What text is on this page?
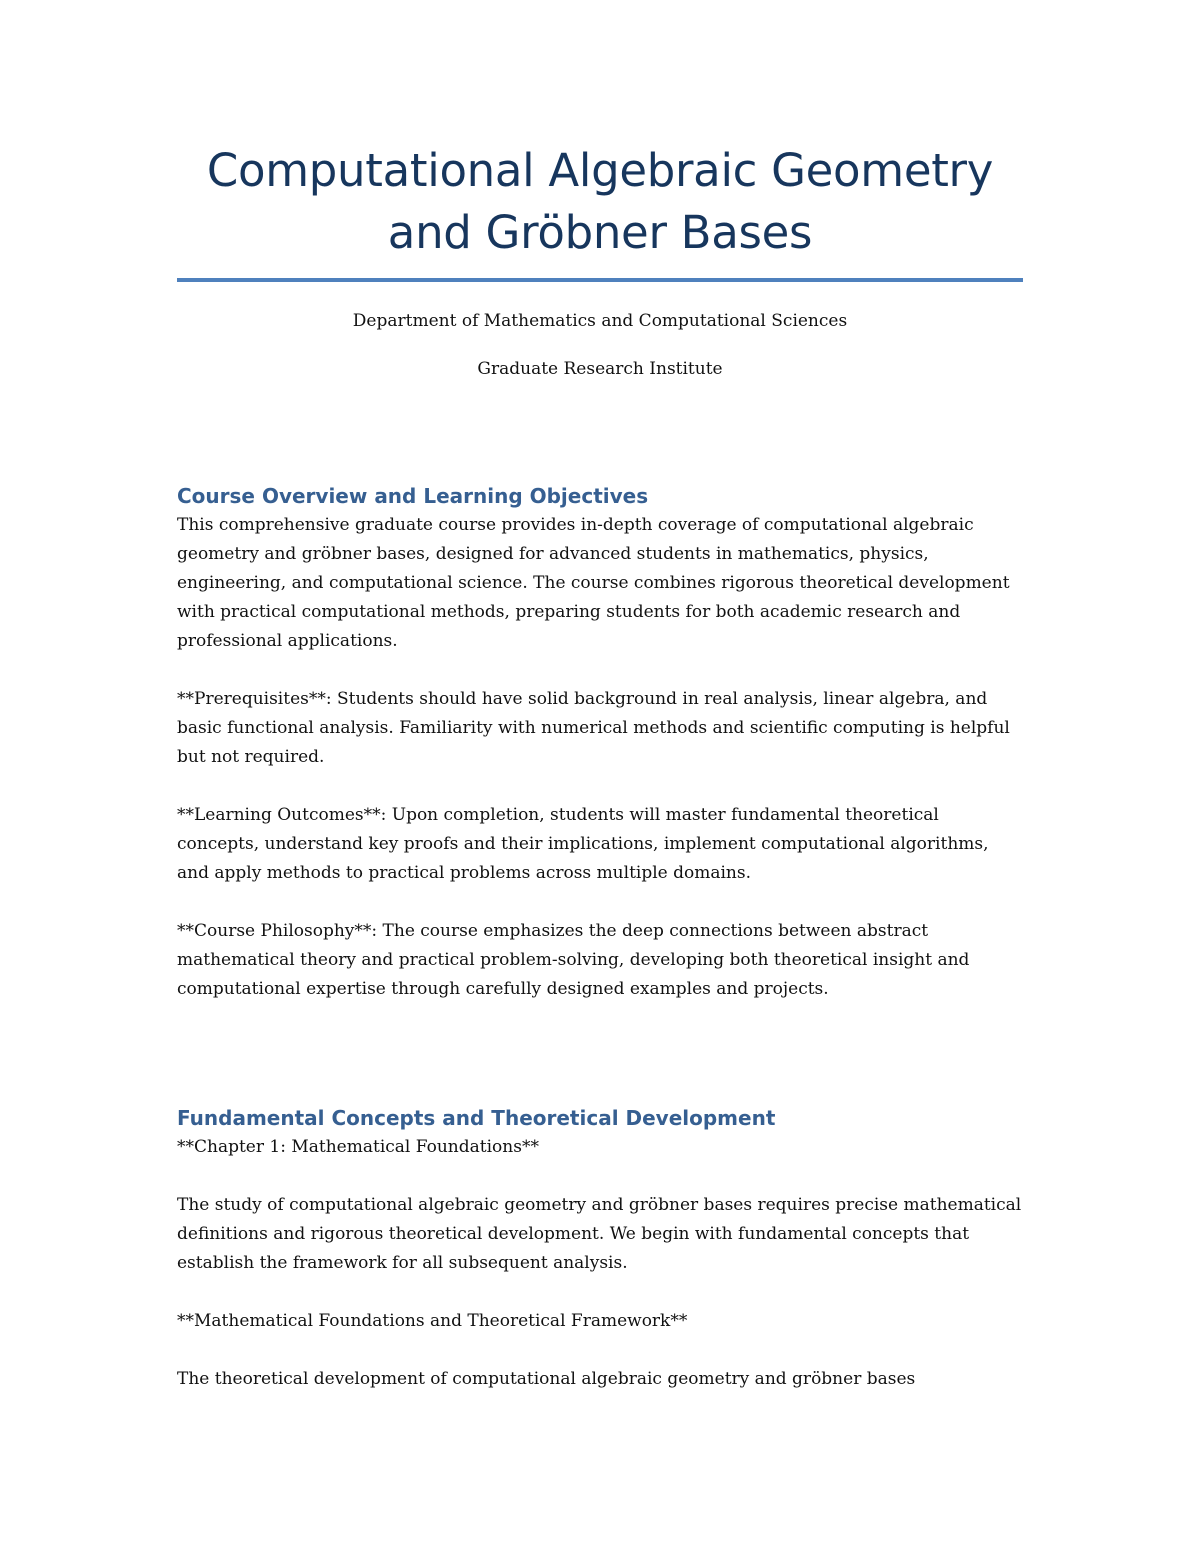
Computational Algebraic Geometry and Gröbner Bases

Department of Mathematics and Computational Sciences

Graduate Research Institute

Course Overview and Learning Objectives

This comprehensive graduate course provides in-depth coverage of computational algebraic geometry and gröbner bases, designed for advanced students in mathematics, physics, engineering, and computational science. The course combines rigorous theoretical development with practical computational methods, preparing students for both academic research and professional applications.

**Prerequisites**: Students should have solid background in real analysis, linear algebra, and basic functional analysis. Familiarity with numerical methods and scientific computing is helpful but not required.

**Learning Outcomes**: Upon completion, students will master fundamental theoretical concepts, understand key proofs and their implications, implement computational algorithms, and apply methods to practical problems across multiple domains.

**Course Philosophy**: The course emphasizes the deep connections between abstract mathematical theory and practical problem-solving, developing both theoretical insight and computational expertise through carefully designed examples and projects.

Fundamental Concepts and Theoretical Development

**Chapter 1: Mathematical Foundations**

The study of computational algebraic geometry and gröbner bases requires precise mathematical definitions and rigorous theoretical development. We begin with fundamental concepts that establish the framework for all subsequent analysis.

**Mathematical Foundations and Theoretical Framework**

The theoretical development of computational algebraic geometry and gröbner bases
